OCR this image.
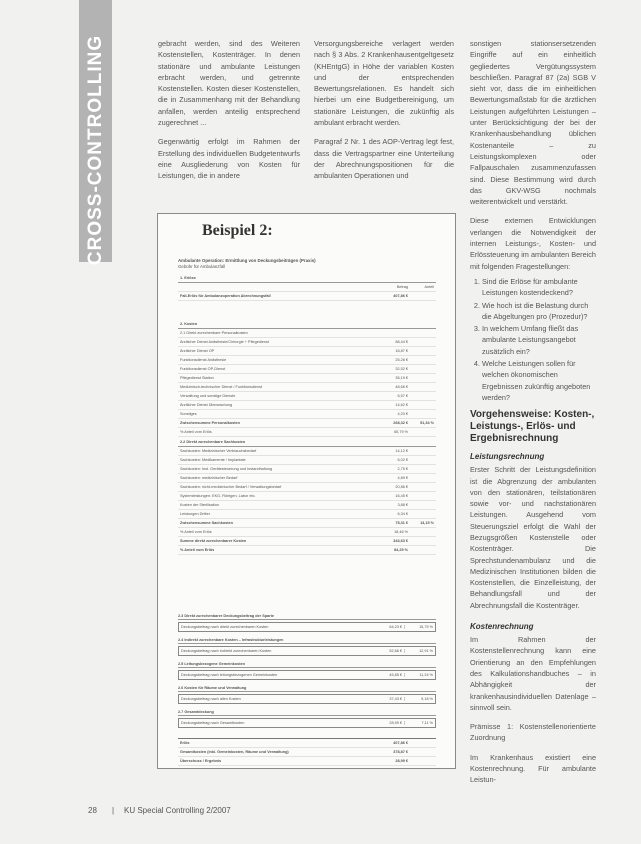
CROSS-CONTROLLING	gebracht werden, sind des Weiteren Kostenstellen, Kostenträger. In denen stationäre und ambulante Leistungen erbracht werden, und getrennte Kostenstellen. Kosten dieser Kostenstellen, die in Zusammenhang mit der Behandlung anfallen, werden anteilig entsprechend zugerechnet ...

Gegenwärtig erfolgt im Rahmen der Erstellung des individuellen Budgetentwurfs eine Ausgliederung von Kosten für Leistungen, die in andere

Versorgungsbereiche verlagert werden nach § 3 Abs. 2 Krankenhausentgeltgesetz (KHEntgG) in Höhe der variablen Kosten und der entsprechenden Bewertungsrelationen. Es handelt sich hierbei um eine Budgetbereinigung, um stationäre Leistungen, die zukünftig als ambulant erbracht werden.

Paragraf 2 Nr. 1 des AOP-Vertrag legt fest, dass die Vertragspartner eine Unterteilung der Abrechnungspositionen für die ambulanten Operationen und

sonstigen stationsersetzenden Eingriffe auf ein einheitlich gegliedertes Vergütungssystem beschließen. Paragraf 87 (2a) SGB V sieht vor, dass die im einheitlichen Bewertungsmaßstab für die ärztlichen Leistungen aufgeführten Leistungen – unter Berücksichtigung der bei der Krankenhausbehandlung üblichen Kostenanteile – zu Leistungskomplexen oder Fallpauschalen zusammenzufassen sind. Diese Bestimmung wird durch das GKV-WSG nochmals weiterentwickelt und verstärkt.

Diese externen Entwicklungen verlangen die Notwendigkeit der internen Leistungs-, Kosten- und Erlössteuerung im ambulanten Bereich mit folgenden Fragestellungen:

1. Sind die Erlöse für ambulante Leistungen kostendeckend?
2. Wie hoch ist die Belastung durch die Abgeltungen pro (Prozedur)?
3. In welchem Umfang fließt das ambulante Leistungsangebot zusätzlich ein?
4. Welche Leistungen sollen für welchen ökonomischen Ergebnissen zukünftig angeboten werden?
Vorgehensweise: Kosten-, Leistungs-, Erlös- und Ergebnisrechnung
Leistungsrechnung

Erster Schritt der Leistungsdefinition ist die Abgrenzung der ambulanten von den stationären, teilstationären sowie vor- und nachstationären Leistungen. Ausgehend vom Steuerungsziel erfolgt die Wahl der Bezugsgrößen Kostenstelle oder Kostenträger. Die Sprechstundenambulanz und die Medizinischen Institutionen bilden die Kostenstellen, die Einzelleistung, der Behandlungsfall und der Abrechnungsfall die Kostenträger.

Kostenrechnung

Im Rahmen der Kostenstellenrechnung kann eine Orientierung an den Empfehlungen des Kalkulationshandbuches – in Abhängigkeit der krankenhausindividuellen Datenlage – sinnvoll sein.

Prämisse 1: Kostenstellenorientierte Zuordnung

Im Krankenhaus existiert eine Kostenrechnung. Für ambulante Leistun-

Beispiel 2:
Ambulante Operation: Ermittlung von Deckungsbeiträgen (Praxis)
Gebühr für Ambulanzfall
1. Erlöse		
	Betrag	Anteil
Fall-Erlös für Ambulanzoperation Abrechnungsfall	407,86 €	
2. Kosten		
2.1 Direkt zurechenbare Personalkosten		
Ärztlicher Dienst Anästhesie/Chirurgie + Pflegedienst	88,44 €	
Ärztlicher Dienst OP	18,87 €	
Funktionsdienst Anästhesie	25,26 €	
Funktionsdienst OP-Dienst	32,52 €	
Pflegedienst Station	35,19 €	
Medizinisch-technischer Dienst / Funktionsdienst	48,66 €	
Verwaltung und sonstige Dienste	6,57 €	
Ärztlicher Dienst Überwachung	14,62 €	
Sonstiges	4,20 €	
Zwischensumme Personalkosten	268,32 €	51,34 %
% Anteil vom Erlös	65,79 %	
2.2 Direkt zurechenbare Sachkosten		
Sachkosten: Medizinischer Verbrauchsbedarf	14,12 €	
Sachkosten: Medikamente / Implantate	6,02 €	
Sachkosten: Inst. Gerätesteuerung und Instandhaltung	2,75 €	
Sachkosten: medizinischer Bedarf	4,89 €	
Sachkosten: nicht-medizinischer Bedarf / Verwaltungsbedarf	20,86 €	
Systemleistungen: EKG, Röntgen, Labor etc.	16,45 €	
Kosten der Sterilisation	3,88 €	
Leistungen Dritter	6,34 €	
Zwischensumme Sachkosten	75,31 €	13,15 %
% Anteil vom Erlös	18,46 %	
Summe direkt zurechenbarer Kosten	343,63 €	
% Anteil vom Erlös	84,25 %	
2.3 Direkt zurechenbarer Deckungsbeitrag der Sparte
Deckungsbeitrag nach direkt zurechenbaren Kosten	64,23 €	15,75 %
2.4 Indirekt zurechenbare Kosten – Infrastrukturleistungen
Deckungsbeitrag nach indirekt zurechenbaren Kosten	52,66 €	12,91 %
2.5 Leitungsbezogene Gemeinkosten
Deckungsbeitrag nach leitungsbezogenen Gemeinkosten	45,85 €	11,24 %
2.6 Kosten für Räume und Verwaltung
Deckungsbeitrag nach allen Kosten	37,43 €	9,18 %
2.7 Gesamtdeckung
Deckungsbeitrag nach Gesamtkosten	28,99 €	7,11 %
Erlös	407,86 €	
Gesamtkosten (inkl. Gemeinkosten, Räume und Verwaltung)	378,87 €	
Überschuss / Ergebnis	28,99 €	
28 | KU Special Controlling 2/2007
